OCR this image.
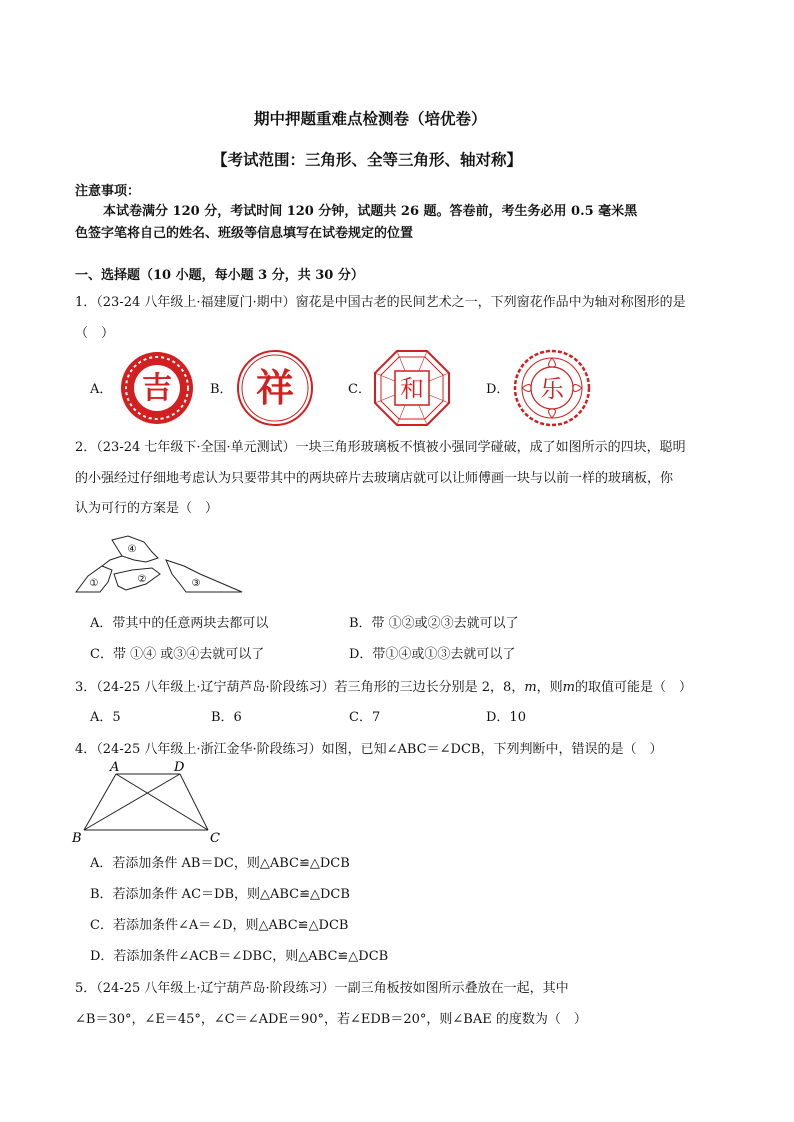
期中押题重难点检测卷（培优卷）
【考试范围：三角形、全等三角形、轴对称】
注意事项：
本试卷满分 120 分，考试时间 120 分钟，试题共 26 题。答卷前，考生务必用 0.5 毫米黑
色签字笔将自己的姓名、班级等信息填写在试卷规定的位置
一、选择题（10 小题，每小题 3 分，共 30 分）
1．（23-24 八年级上·福建厦门·期中）窗花是中国古老的民间艺术之一，下列窗花作品中为轴对称图形的是
（　）
A． 吉	B． 祥	C． 和	D． 乐
2．（23-24 七年级下·全国·单元测试）一块三角形玻璃板不慎被小强同学碰破，成了如图所示的四块，聪明
的小强经过仔细地考虑认为只要带其中的两块碎片去玻璃店就可以让师傅画一块与以前一样的玻璃板，你
认为可行的方案是（　）
④
①	②	③
A．带其中的任意两块去都可以	B．带 ①②或②③去就可以了
C．带 ①④ 或③④去就可以了	D．带①④或①③去就可以了
3．（24-25 八年级上·辽宁葫芦岛·阶段练习）若三角形的三边长分别是 2，8，m，则m的取值可能是（　）
A．5	B．6	C．7	D．10
4．（24-25 八年级上·浙江金华·阶段练习）如图，已知∠ABC＝∠DCB，下列判断中，错误的是（　）
A	D
B	C
A．若添加条件 AB＝DC，则△ABC≌△DCB
B．若添加条件 AC＝DB，则△ABC≌△DCB
C．若添加条件∠A＝∠D，则△ABC≌△DCB
D．若添加条件∠ACB＝∠DBC，则△ABC≌△DCB
5．（24-25 八年级上·辽宁葫芦岛·阶段练习）一副三角板按如图所示叠放在一起，其中
∠B＝30°，∠E＝45°，∠C＝∠ADE＝90°，若∠EDB＝20°，则∠BAE 的度数为（　）
